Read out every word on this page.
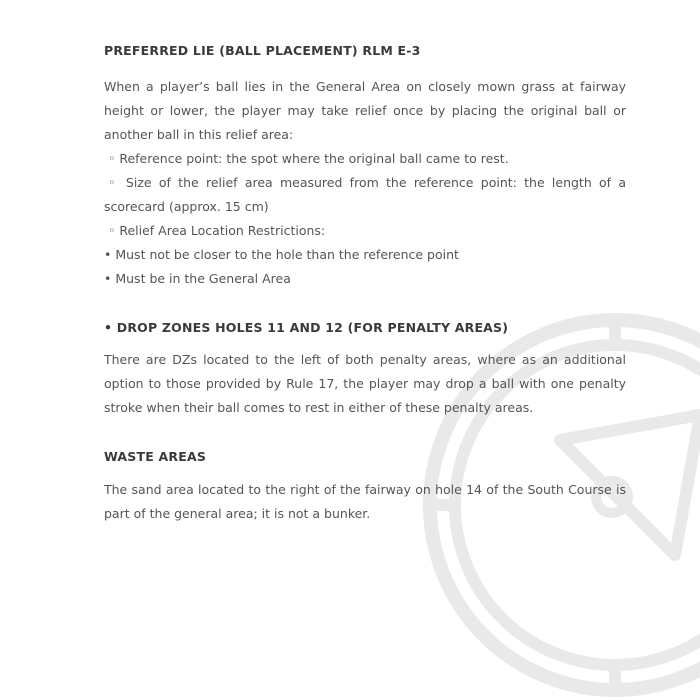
PREFERRED LIE (BALL PLACEMENT) RLM E-3
When a player’s ball lies in the General Area on closely mown grass at fairway height or lower, the player may take relief once by placing the original ball or another ball in this relief area:
◦ Reference point: the spot where the original ball came to rest.
◦ Size of the relief area measured from the reference point: the length of a scorecard (approx. 15 cm)
◦ Relief Area Location Restrictions:
• Must not be closer to the hole than the reference point
• Must be in the General Area
• DROP ZONES HOLES 11 AND 12 (FOR PENALTY AREAS)
There are DZs located to the left of both penalty areas, where as an additional option to those provided by Rule 17, the player may drop a ball with one penalty stroke when their ball comes to rest in either of these penalty areas.
WASTE AREAS
The sand area located to the right of the fairway on hole 14 of the South Course is part of the general area; it is not a bunker.
